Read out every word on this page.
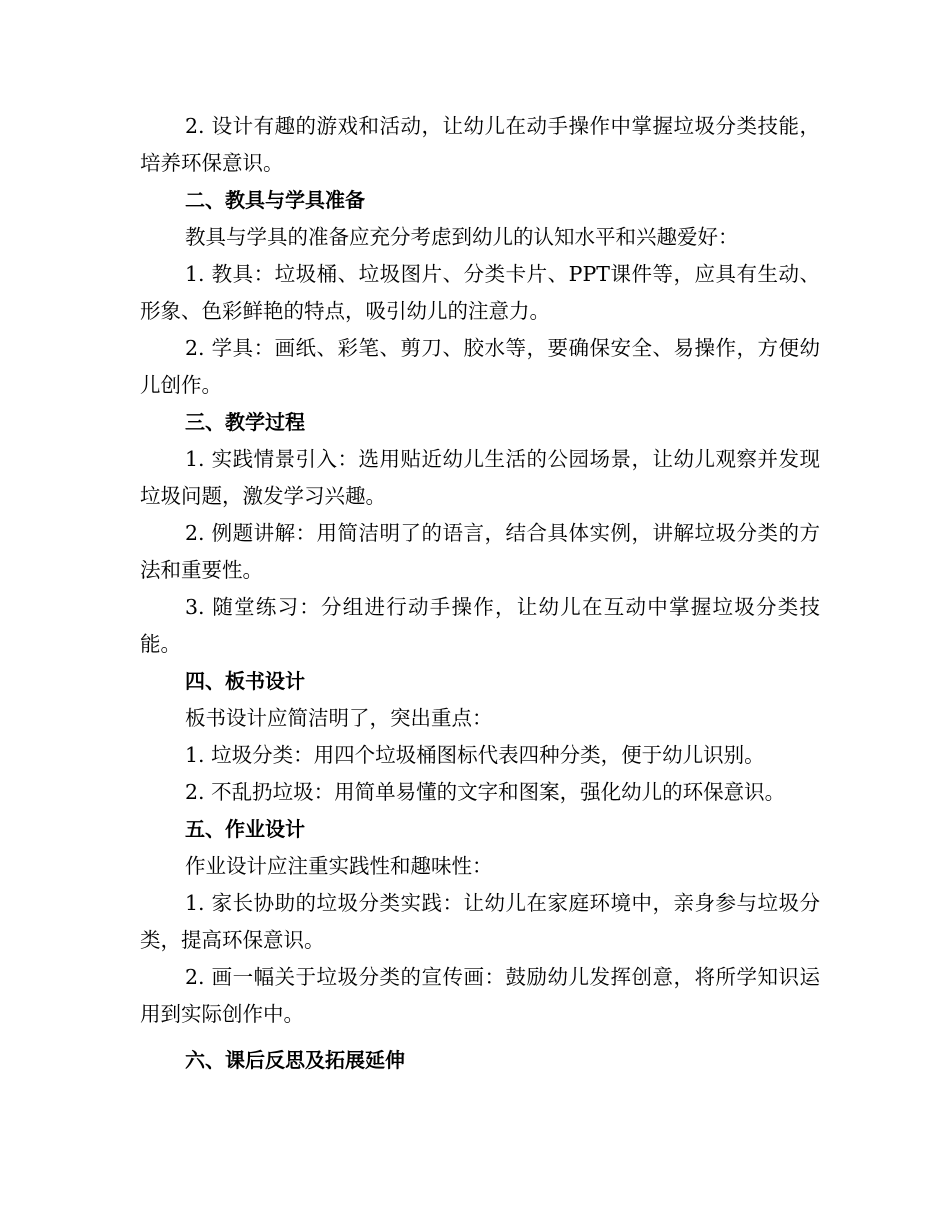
2. 设计有趣的游戏和活动，让幼儿在动手操作中掌握垃圾分类技能，培养环保意识。

二、教具与学具准备

教具与学具的准备应充分考虑到幼儿的认知水平和兴趣爱好：

1. 教具：垃圾桶、垃圾图片、分类卡片、PPT课件等，应具有生动、形象、色彩鲜艳的特点，吸引幼儿的注意力。

2. 学具：画纸、彩笔、剪刀、胶水等，要确保安全、易操作，方便幼儿创作。

三、教学过程

1. 实践情景引入：选用贴近幼儿生活的公园场景，让幼儿观察并发现垃圾问题，激发学习兴趣。

2. 例题讲解：用简洁明了的语言，结合具体实例，讲解垃圾分类的方法和重要性。

3. 随堂练习：分组进行动手操作，让幼儿在互动中掌握垃圾分类技能。

四、板书设计

板书设计应简洁明了，突出重点：

1. 垃圾分类：用四个垃圾桶图标代表四种分类，便于幼儿识别。

2. 不乱扔垃圾：用简单易懂的文字和图案，强化幼儿的环保意识。

五、作业设计

作业设计应注重实践性和趣味性：

1. 家长协助的垃圾分类实践：让幼儿在家庭环境中，亲身参与垃圾分类，提高环保意识。

2. 画一幅关于垃圾分类的宣传画：鼓励幼儿发挥创意，将所学知识运用到实际创作中。

六、课后反思及拓展延伸
